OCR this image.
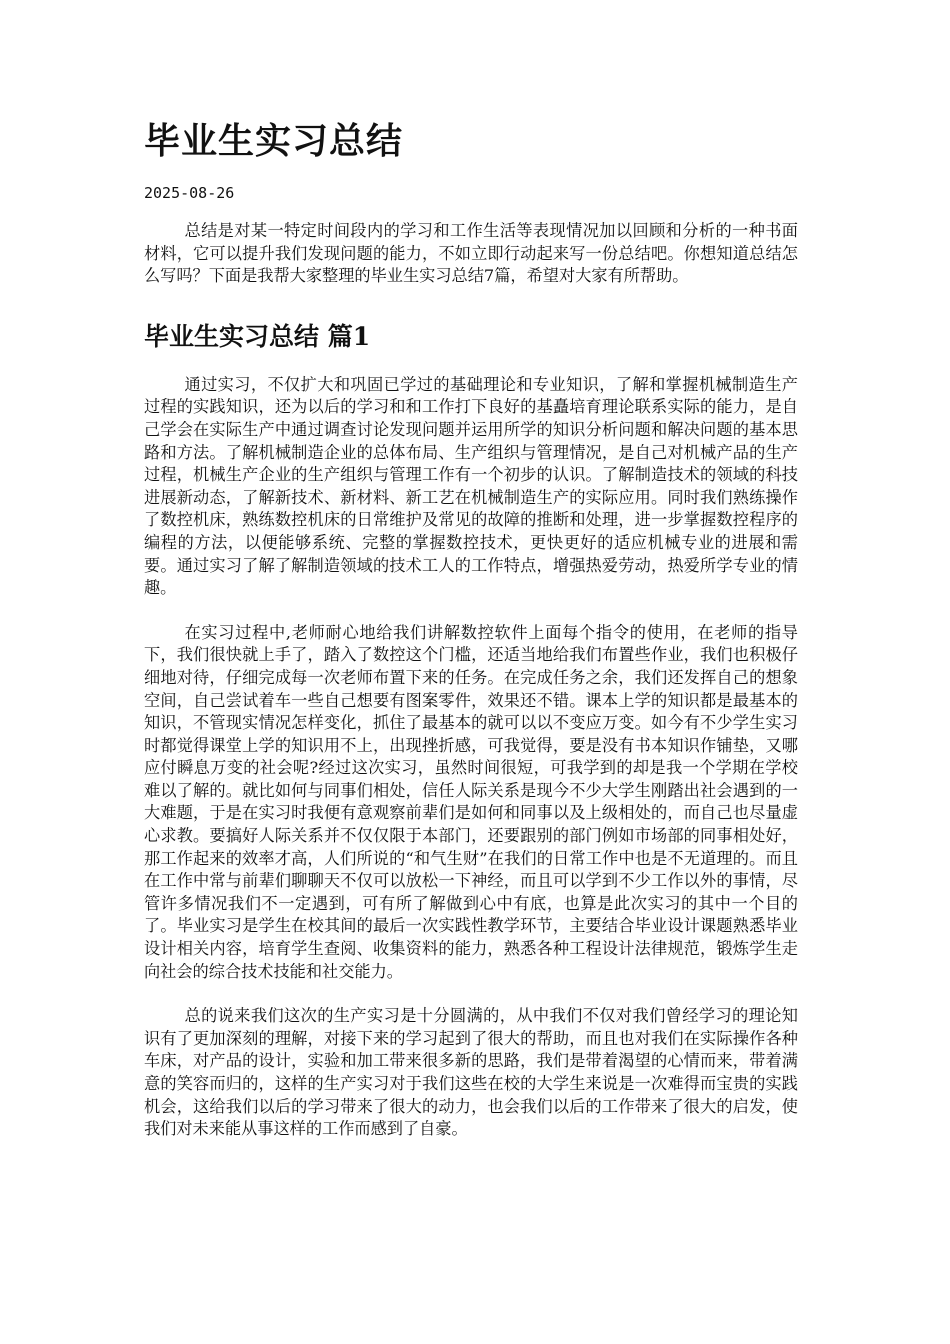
毕业生实习总结
2025-08-26

总结是对某一特定时间段内的学习和工作生活等表现情况加以回顾和分析的一种书面材料，它可以提升我们发现问题的能力，不如立即行动起来写一份总结吧。你想知道总结怎么写吗？下面是我帮大家整理的毕业生实习总结7篇，希望对大家有所帮助。

毕业生实习总结 篇1

通过实习，不仅扩大和巩固已学过的基础理论和专业知识，了解和掌握机械制造生产过程的实践知识，还为以后的学习和和工作打下良好的基矗培育理论联系实际的能力，是自己学会在实际生产中通过调查讨论发现问题并运用所学的知识分析问题和解决问题的基本思路和方法。了解机械制造企业的总体布局、生产组织与管理情况，是自己对机械产品的生产过程，机械生产企业的生产组织与管理工作有一个初步的认识。了解制造技术的领域的科技进展新动态，了解新技术、新材料、新工艺在机械制造生产的实际应用。同时我们熟练操作了数控机床，熟练数控机床的日常维护及常见的故障的推断和处理，进一步掌握数控程序的编程的方法，以便能够系统、完整的掌握数控技术，更快更好的适应机械专业的进展和需要。通过实习了解了解制造领域的技术工人的工作特点，增强热爱劳动，热爱所学专业的情趣。

在实习过程中,老师耐心地给我们讲解数控软件上面每个指令的使用，在老师的指导下，我们很快就上手了，踏入了数控这个门槛，还适当地给我们布置些作业，我们也积极仔细地对待，仔细完成每一次老师布置下来的任务。在完成任务之余，我们还发挥自己的想象空间，自己尝试着车一些自己想要有图案零件，效果还不错。课本上学的知识都是最基本的知识，不管现实情况怎样变化，抓住了最基本的就可以以不变应万变。如今有不少学生实习时都觉得课堂上学的知识用不上，出现挫折感，可我觉得，要是没有书本知识作铺垫，又哪应付瞬息万变的社会呢?经过这次实习，虽然时间很短，可我学到的却是我一个学期在学校难以了解的。就比如何与同事们相处，信任人际关系是现今不少大学生刚踏出社会遇到的一大难题，于是在实习时我便有意观察前辈们是如何和同事以及上级相处的，而自己也尽量虚心求教。要搞好人际关系并不仅仅限于本部门，还要跟别的部门例如市场部的同事相处好，那工作起来的效率才高，人们所说的“和气生财”在我们的日常工作中也是不无道理的。而且在工作中常与前辈们聊聊天不仅可以放松一下神经，而且可以学到不少工作以外的事情，尽管许多情况我们不一定遇到，可有所了解做到心中有底，也算是此次实习的其中一个目的了。毕业实习是学生在校其间的最后一次实践性教学环节，主要结合毕业设计课题熟悉毕业设计相关内容，培育学生查阅、收集资料的能力，熟悉各种工程设计法律规范，锻炼学生走向社会的综合技术技能和社交能力。

总的说来我们这次的生产实习是十分圆满的，从中我们不仅对我们曾经学习的理论知识有了更加深刻的理解，对接下来的学习起到了很大的帮助，而且也对我们在实际操作各种车床，对产品的设计，实验和加工带来很多新的思路，我们是带着渴望的心情而来，带着满意的笑容而归的，这样的生产实习对于我们这些在校的大学生来说是一次难得而宝贵的实践机会，这给我们以后的学习带来了很大的动力，也会我们以后的工作带来了很大的启发，使我们对未来能从事这样的工作而感到了自豪。
